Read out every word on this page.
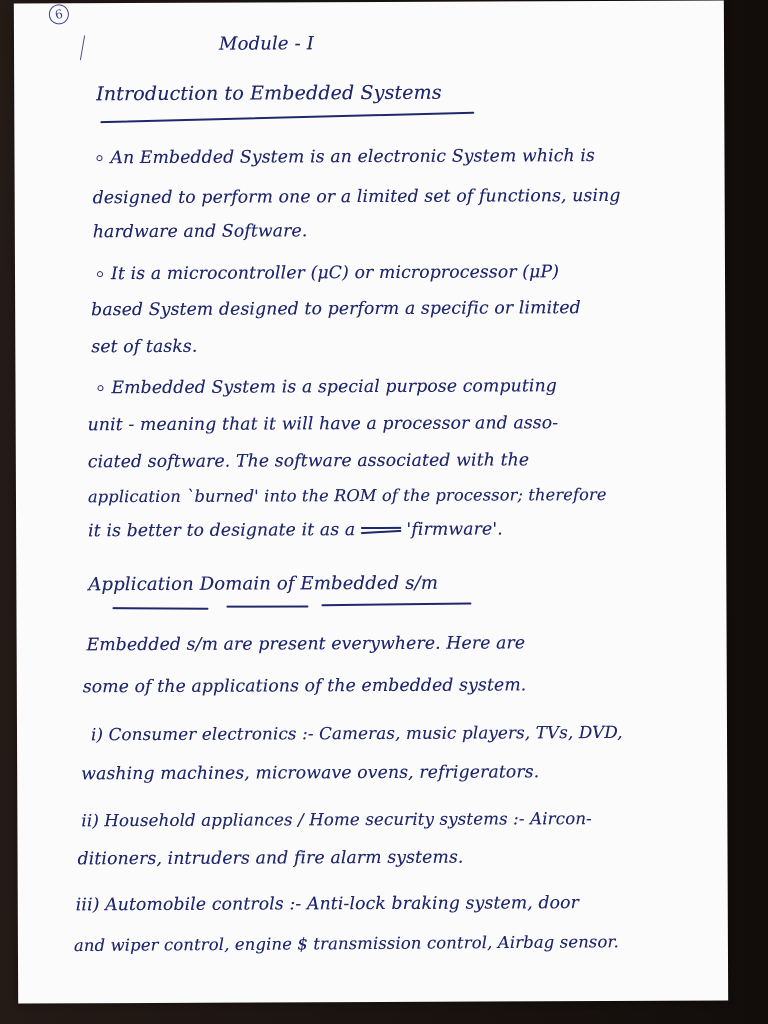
6
Module - I
Introduction to Embedded Systems
An Embedded System is an electronic System which is
designed to perform one or a limited set of functions, using
hardware and Software.
It is a microcontroller (μC) or microprocessor (μP)
based System designed to perform a specific or limited
set of tasks.
Embedded System is a special purpose computing
unit - meaning that it will have a processor and asso-
ciated software. The software associated with the
application `burned' into the ROM of the processor; therefore
it is better to designate it as a	'firmware'.
Application Domain of Embedded s/m
Embedded s/m are present everywhere. Here are
some of the applications of the embedded system.
i) Consumer electronics :- Cameras, music players, TVs, DVD,
washing machines, microwave ovens, refrigerators.
ii) Household appliances / Home security systems :- Aircon-
ditioners, intruders and fire alarm systems.
iii) Automobile controls :- Anti-lock braking system, door
and wiper control, engine $ transmission control, Airbag sensor.
